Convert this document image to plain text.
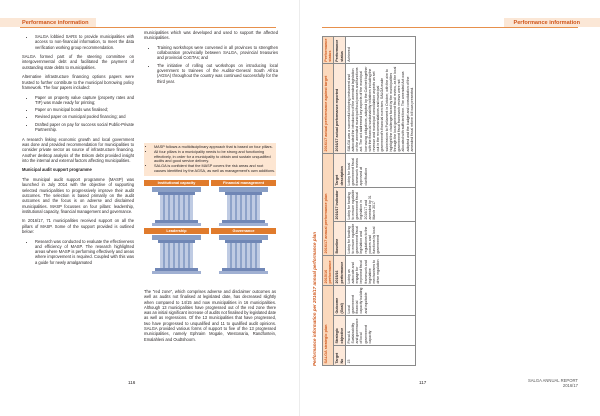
Performance information
• SALGA lobbied SARS to provide municipalities with access to non-financial information, to meet the data verification working group recommendation.

SALGA formed part of the steering committee on intergovernmental debt and facilitated the payment of outstanding state debts to municipalities.

Alternative infrastructure financing options papers were trusted to further contribute to the municipal borrowing policy framework. The four papers included:

• Paper on property value capture (property rates and TIF) was made ready for printing;
• Paper on municipal bonds was finalised;
• Revised paper on municipal pooled financing; and
• Drafted paper on pay for success social Public-Private Partnership.

A research linking economic growth and local government was done and provided recommendation for municipalities to consider private sector as source of infrastructure financing. Another desktop analysis of the Eskom debt provided insight into the internal and external factors affecting municipalities.

Municipal audit support programme

The municipal audit support programme (MASP) was launched in July 2014 with the objective of supporting selected municipalities to progressively improve their audit outcomes. The selection is based primarily on the audit outcomes and the focus is on adverse and disclaimed municipalities. MASP focusses on four pillars: leadership, institutional capacity, financial management and governance.

In 2016/17, 71 municipalities received support on all the pillars of MASP. Some of the support provided is outlined below:

• Research was conducted to evaluate the effectiveness and efficiency of MASP. The research highlighted areas where MASP is performing effectively and areas where improvement is required. Coupled with this was a guide for newly amalgamated

municipalities which was developed and used to support the affected municipalities.

• Training workshops were convened in all provinces to strengthen collaboration provincially between SALGA, provincial treasuries and provincial CoGTAs; and
• The initiative of rolling out workshops on introducing local government to trainees of the Auditor-General South Africa (AGSA) throughout the country was continued successfully for the third year.
• MASP follows a multidisciplinary approach that is based on four pillars.
• All four pillars in a municipality needs to be strong and functioning effectively, in order for a municipality to obtain and sustain unqualified audits and good service delivery.
• SALGA is confident that the MASP covers the risk areas and root causes identified by the AGSA, as well as management's own additions.
Institutional capacity	Financial management
Leadership	Governance

The "red zone", which comprises adverse and disclaimer outcomes as well as audits not finalised at legislated date, has decreased slightly when compared to 14/15 and now municipalities in 16 municipalities. Although 13 municipalities have progressed out of the red zone there was an initial significant increase of audits not finalised by legislated date as well as regressions. Of the 13 municipalities that have progressed, two have progressed to unqualified and 11 to qualified audit opinions. SALGA provided various forms of support to five of the 13 progressed municipalities, namely Ephraim Mogale, Westonaria, Randfontein, Emalahleni and Oudtshoorn.

116
Performance information
Performance information per 2016/17 annual performance plan SALGA strategic plan			2015/16 performance	2016/17 annual performance plan			2016/17 actual performance against target	Performance status
Target No	Strategic objective	Outcome (Goal)	2015/16 performance	Baseline	2016/17 indicator	Target description	2016/17 actual performance reported	Performance status
15	Fiscal & Sustainability and governance of local government capacity	Local government financial capacity building and equitable	Lobby as advocate and engage for improved fiscal framework and legislative mechanisms to drive regulation	Lobby for funding to ensure equitable government fiscal legislation and regulations to the powers and functions by local government	Lobby for funding to ensure equitable government fiscal legislation in 2016/17 and amended by 31 March 2017	Lobby for local government fiscal framework review approved at clarification	SALGA was a successful lobbying instrument and advocated the introduction of the amended legislation on the amended municipal fiscal powers and functions act. The act addressed key aspects of the municipal borrowing obligations, adopted by the Cabinet together with the financial sustainability initiatives including the revenue and municipal consolidation aspects as set out in the recommendations and municipal government's financial exercises. SALGA made submissions to Parliament in October, with the aim to highlight the challenges faced by the municipalities through the local government fiscal review, as the local government fiscal framework reviews were not allocated with sufficient time. The amended Act was adopted and the budget and consolidation of the amended fiscal reform bill was presented.	Achieved
117	SALGA ANNUAL REPORT
2016/17
